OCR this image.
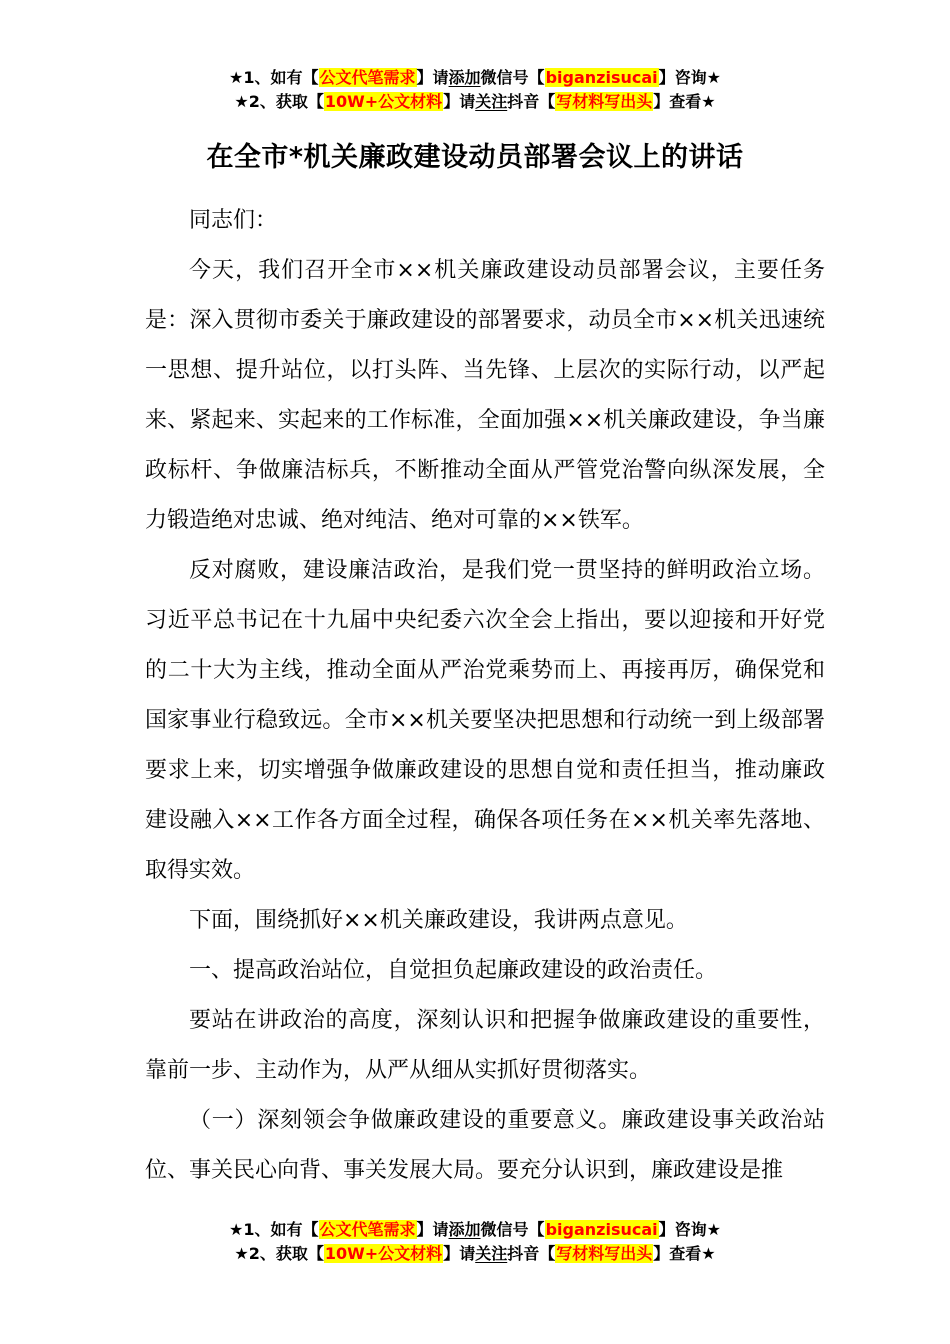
★1、如有【公文代笔需求】请添加微信号【biganzisucai】咨询★
★2、获取【10W+公文材料】请关注抖音【写材料写出头】查看★
在全市*机关廉政建设动员部署会议上的讲话

同志们：

今天，我们召开全市××机关廉政建设动员部署会议，主要任务是：深入贯彻市委关于廉政建设的部署要求，动员全市××机关迅速统一思想、提升站位，以打头阵、当先锋、上层次的实际行动，以严起来、紧起来、实起来的工作标准，全面加强××机关廉政建设，争当廉政标杆、争做廉洁标兵，不断推动全面从严管党治警向纵深发展，全力锻造绝对忠诚、绝对纯洁、绝对可靠的××铁军。

反对腐败，建设廉洁政治，是我们党一贯坚持的鲜明政治立场。习近平总书记在十九届中央纪委六次全会上指出，要以迎接和开好党的二十大为主线，推动全面从严治党乘势而上、再接再厉，确保党和国家事业行稳致远。全市××机关要坚决把思想和行动统一到上级部署要求上来，切实增强争做廉政建设的思想自觉和责任担当，推动廉政建设融入××工作各方面全过程，确保各项任务在××机关率先落地、取得实效。

下面，围绕抓好××机关廉政建设，我讲两点意见。

一、提高政治站位，自觉担负起廉政建设的政治责任。

要站在讲政治的高度，深刻认识和把握争做廉政建设的重要性，靠前一步、主动作为，从严从细从实抓好贯彻落实。

（一）深刻领会争做廉政建设的重要意义。廉政建设事关政治站位、事关民心向背、事关发展大局。要充分认识到，廉政建设是推

★1、如有【公文代笔需求】请添加微信号【biganzisucai】咨询★
★2、获取【10W+公文材料】请关注抖音【写材料写出头】查看★
